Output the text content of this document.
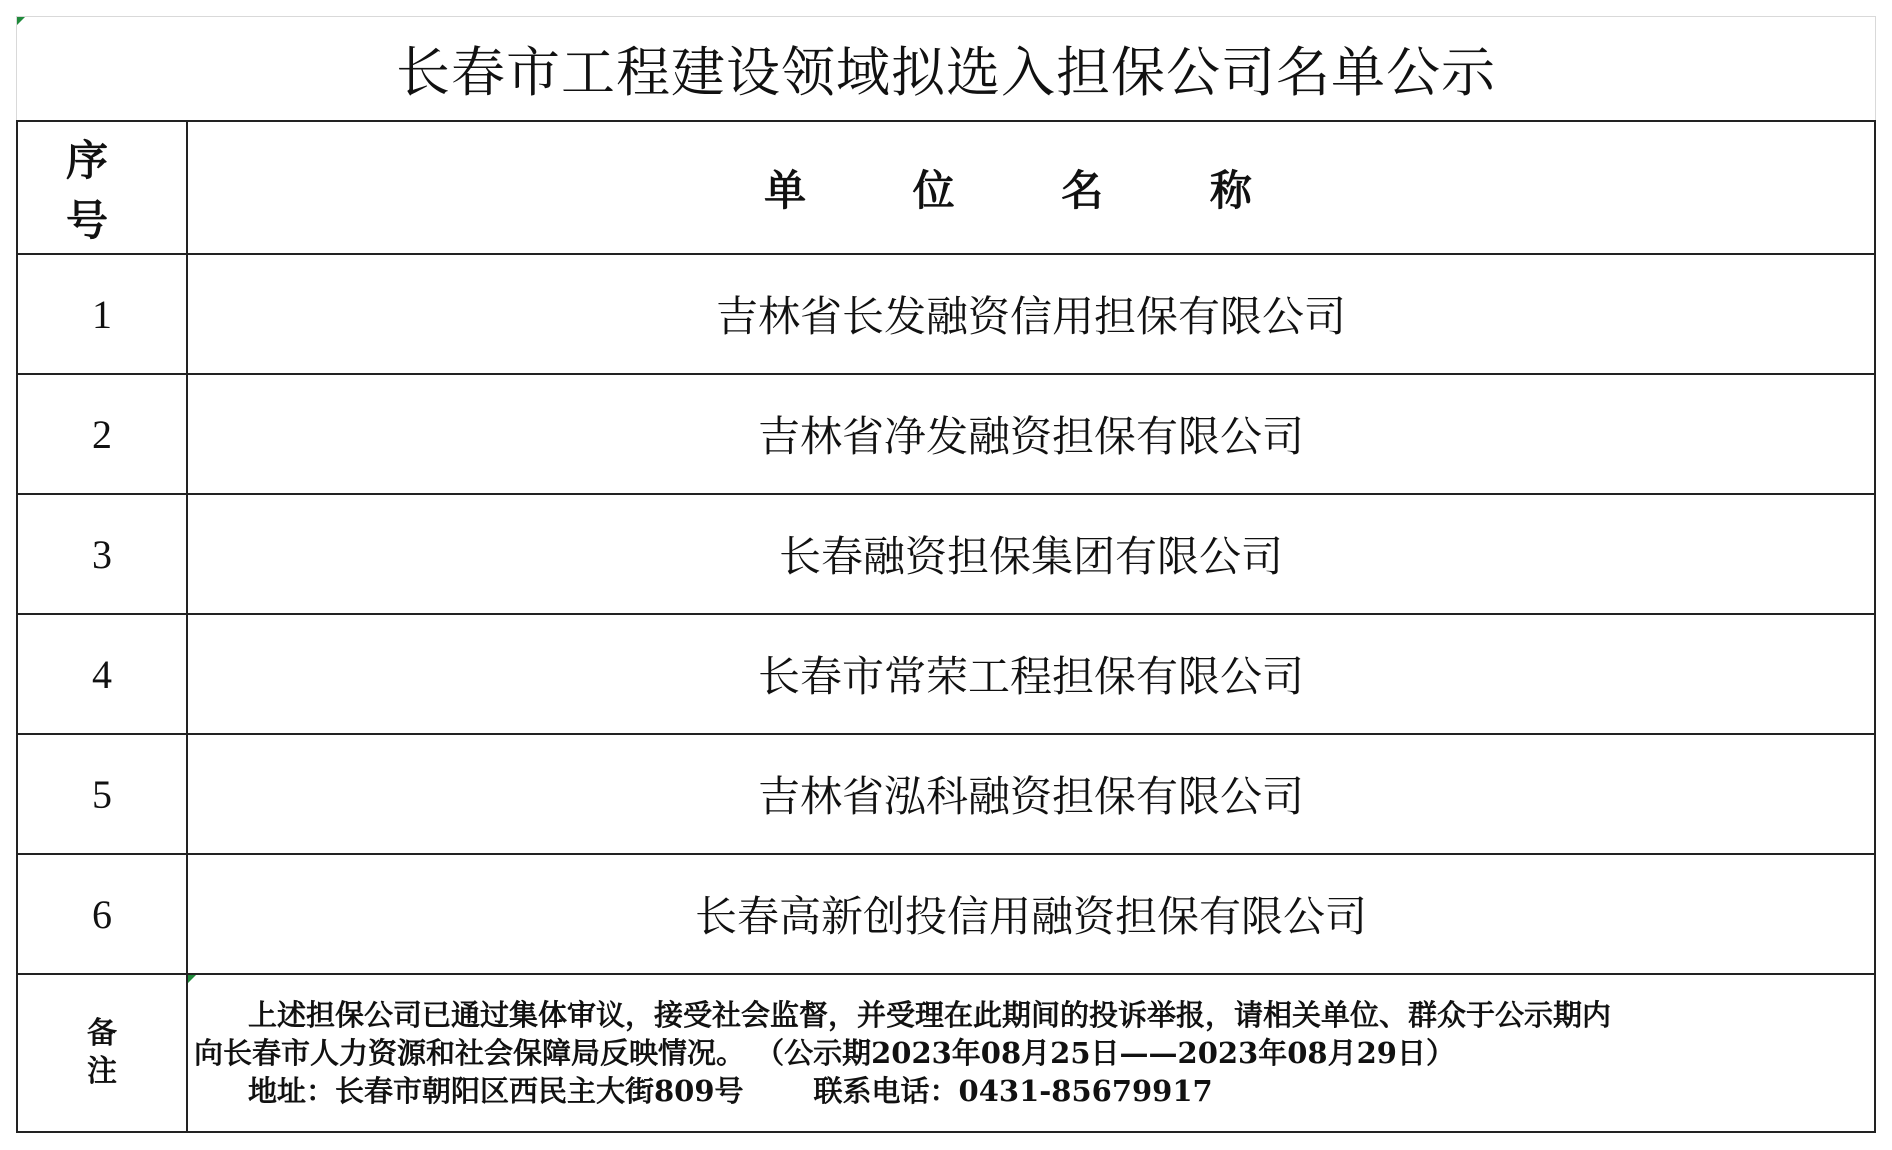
长春市工程建设领域拟选入担保公司名单公示
序 号	单 位 名 称
1	吉林省长发融资信用担保有限公司
2	吉林省净发融资担保有限公司
3	长春融资担保集团有限公司
4	长春市常荣工程担保有限公司
5	吉林省泓科融资担保有限公司
6	长春高新创投信用融资担保有限公司

备
注	上述担保公司已通过集体审议，接受社会监督，并受理在此期间的投诉举报，请相关单位、群众于公示期内
向长春市人力资源和社会保障局反映情况。 （公示期2023年08月25日——2023年08月29日）
地址：长春市朝阳区西民主大街809号 联系电话：0431-85679917
